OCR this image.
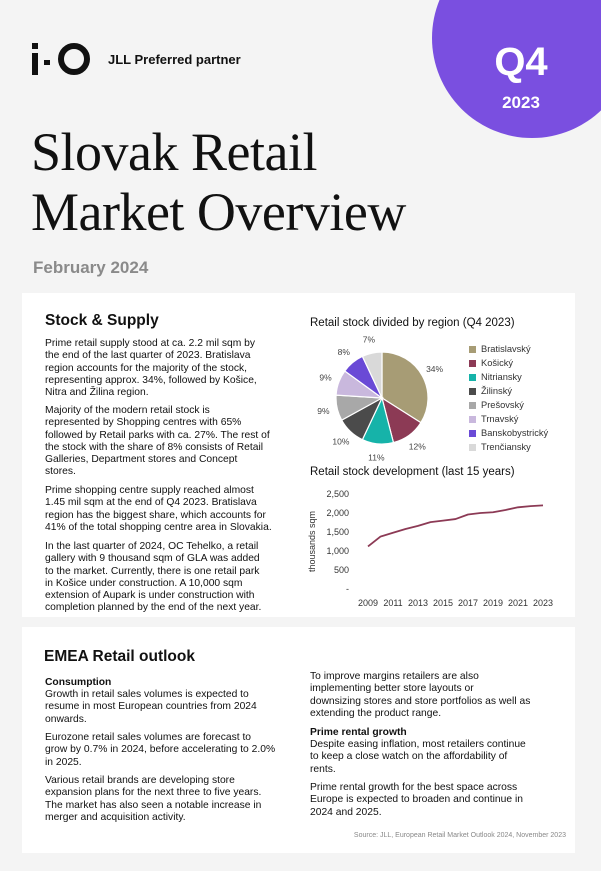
Q4
2023
JLL Preferred partner
Slovak Retail
Market Overview
February 2024
Stock & Supply
Prime retail supply stood at ca. 2.2 mil sqm by
the end of the last quarter of 2023. Bratislava
region accounts for the majority of the stock,
representing approx. 34%, followed by Košice,
Nitra and Žilina region.
Majority of the modern retail stock is
represented by Shopping centres with 65%
followed by Retail parks with ca. 27%. The rest of
the stock with the share of 8% consists of Retail
Galleries, Department stores and Concept
stores.
Prime shopping centre supply reached almost
1.45 mil sqm at the end of Q4 2023. Bratislava
region has the biggest share, which accounts for
41% of the total shopping centre area in Slovakia.
In the last quarter of 2024, OC Tehelko, a retail
gallery with 9 thousand sqm of GLA was added
to the market. Currently, there is one retail park
in Košice under construction. A 10,000 sqm
extension of Aupark is under construction with
completion planned by the end of the next year.
Retail stock divided by region (Q4 2023)
34%
12%
11%
10%
9%
9%
8%
7%
Bratislavský
Košický
Nitriansky
Žilinský
Prešovský
Trnavský
Banskobystrický
Trenčiansky
Retail stock development (last 15 years)
2,500
2,000
1,500
1,000
500
-
2009 2011 2013 2015 2017 2019 2021 2023
thousands sqm
EMEA Retail outlook
Consumption
Growth in retail sales volumes is expected to
resume in most European countries from 2024
onwards.
Eurozone retail sales volumes are forecast to
grow by 0.7% in 2024, before accelerating to 2.0%
in 2025.
Various retail brands are developing store
expansion plans for the next three to five years.
The market has also seen a notable increase in
merger and acquisition activity.
To improve margins retailers are also
implementing better store layouts or
downsizing stores and store portfolios as well as
extending the product range.
Prime rental growth
Despite easing inflation, most retailers continue
to keep a close watch on the affordability of
rents.
Prime rental growth for the best space across
Europe is expected to broaden and continue in
2024 and 2025.
Source: JLL, European Retail Market Outlook 2024, November 2023
